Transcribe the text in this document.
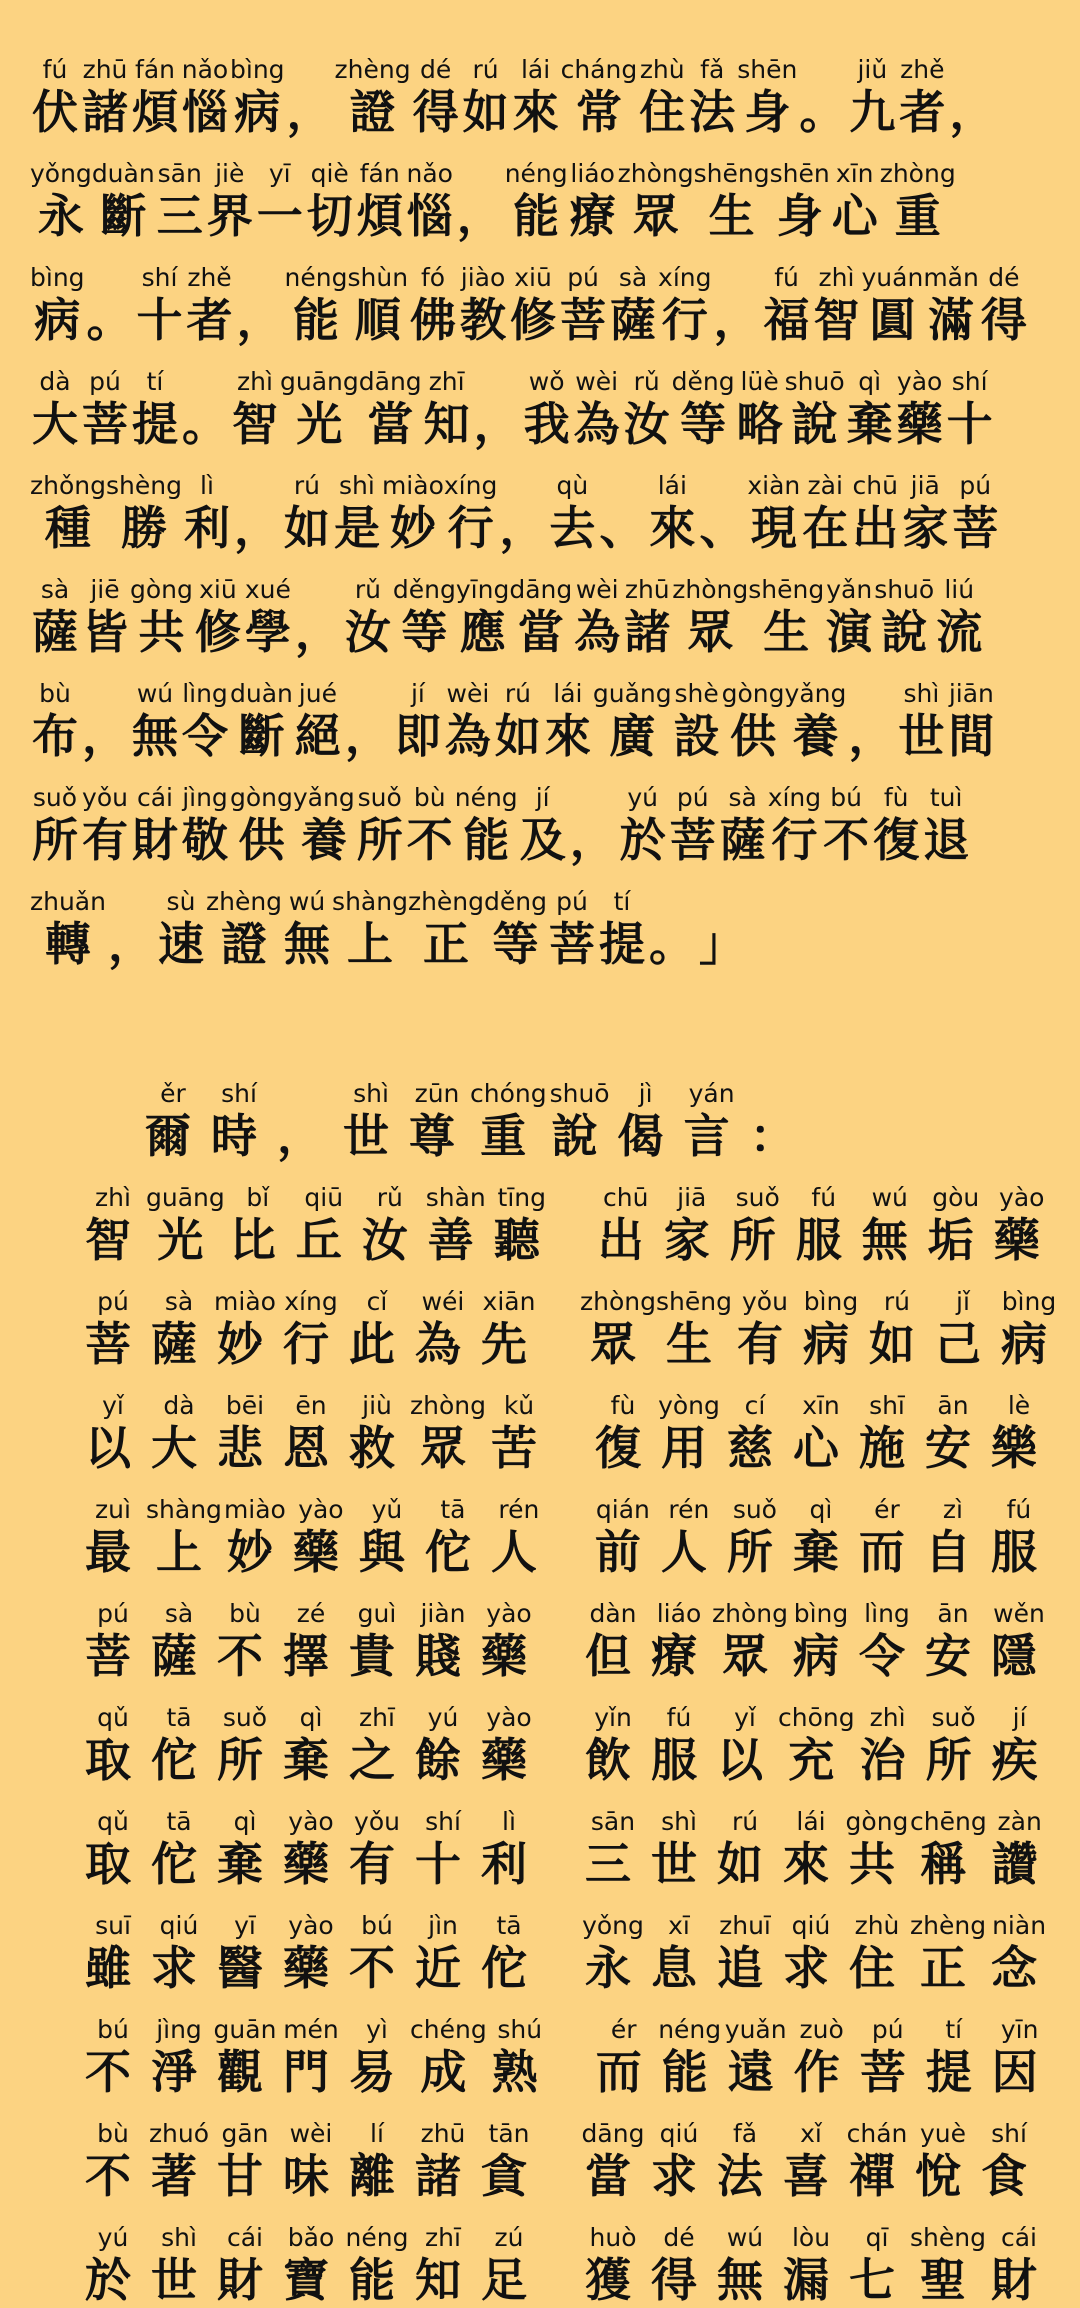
fú
伏
zhū
諸
fán
煩
nǎo
惱
bìng
病 ，
zhèng
證
dé
得
rú
如
lái
來
cháng
常
zhù
住
fǎ
法
shēn
身 。
jiǔ
九
zhě
者 ，
yǒng
永
duàn
斷
sān
三
jiè
界
yī
一
qiè
切
fán
煩
nǎo
惱 ，
néng
能
liáo
療
zhòng
眾
shēng
生
shēn
身
xīn
心
zhòng
重
bìng
病 。
shí
十
zhě
者 ，
néng
能
shùn
順
fó
佛
jiào
教
xiū
修
pú
菩
sà
薩
xíng
行 ，
fú
福
zhì
智
yuán
圓
mǎn
滿
dé
得
dà
大
pú
菩
tí
提 。
zhì
智
guāng
光
dāng
當
zhī
知 ，
wǒ
我
wèi
為
rǔ
汝
děng
等
lüè
略
shuō
說
qì
棄
yào
藥
shí
十
zhǒng
種
shèng
勝
lì
利 ，
rú
如
shì
是
miào
妙
xíng
行 ，
qù
去 、
lái
來 、
xiàn
現
zài
在
chū
出
jiā
家
pú
菩
sà
薩
jiē
皆
gòng
共
xiū
修
xué
學 ，
rǔ
汝
děng
等
yīng
應
dāng
當
wèi
為
zhū
諸
zhòng
眾
shēng
生
yǎn
演
shuō
說
liú
流
bù
布 ，
wú
無
lìng
令
duàn
斷
jué
絕 ，
jí
即
wèi
為
rú
如
lái
來
guǎng
廣
shè
設
gòng
供
yǎng
養 ，
shì
世
jiān
間
suǒ
所
yǒu
有
cái
財
jìng
敬
gòng
供
yǎng
養
suǒ
所
bù
不
néng
能
jí
及 ，
yú
於
pú
菩
sà
薩
xíng
行
bú
不
fù
復
tuì
退
zhuǎn
轉 ，
sù
速
zhèng
證
wú
無
shàng
上
zhèng
正
děng
等
pú
菩
tí
提 。 」
ěr
爾
shí
時 ，
shì
世
zūn
尊
chóng
重
shuō
說
jì
偈
yán
言 ：
zhì
智
guāng
光
bǐ
比
qiū
丘
rǔ
汝
shàn
善
tīng
聽
chū
出
jiā
家
suǒ
所
fú
服
wú
無
gòu
垢
yào
藥
pú
菩
sà
薩
miào
妙
xíng
行
cǐ
此
wéi
為
xiān
先
zhòng
眾
shēng
生
yǒu
有
bìng
病
rú
如
jǐ
己
bìng
病
yǐ
以
dà
大
bēi
悲
ēn
恩
jiù
救
zhòng
眾
kǔ
苦
fù
復
yòng
用
cí
慈
xīn
心
shī
施
ān
安
lè
樂
zuì
最
shàng
上
miào
妙
yào
藥
yǔ
與
tā
佗
rén
人
qián
前
rén
人
suǒ
所
qì
棄
ér
而
zì
自
fú
服
pú
菩
sà
薩
bù
不
zé
擇
guì
貴
jiàn
賤
yào
藥
dàn
但
liáo
療
zhòng
眾
bìng
病
lìng
令
ān
安
wěn
隱
qǔ
取
tā
佗
suǒ
所
qì
棄
zhī
之
yú
餘
yào
藥
yǐn
飲
fú
服
yǐ
以
chōng
充
zhì
治
suǒ
所
jí
疾
qǔ
取
tā
佗
qì
棄
yào
藥
yǒu
有
shí
十
lì
利
sān
三
shì
世
rú
如
lái
來
gòng
共
chēng
稱
zàn
讚
suī
雖
qiú
求
yī
醫
yào
藥
bú
不
jìn
近
tā
佗
yǒng
永
xī
息
zhuī
追
qiú
求
zhù
住
zhèng
正
niàn
念
bú
不
jìng
淨
guān
觀
mén
門
yì
易
chéng
成
shú
熟
ér
而
néng
能
yuǎn
遠
zuò
作
pú
菩
tí
提
yīn
因
bù
不
zhuó
著
gān
甘
wèi
味
lí
離
zhū
諸
tān
貪
dāng
當
qiú
求
fǎ
法
xǐ
喜
chán
禪
yuè
悅
shí
食
yú
於
shì
世
cái
財
bǎo
寶
néng
能
zhī
知
zú
足
huò
獲
dé
得
wú
無
lòu
漏
qī
七
shèng
聖
cái
財
